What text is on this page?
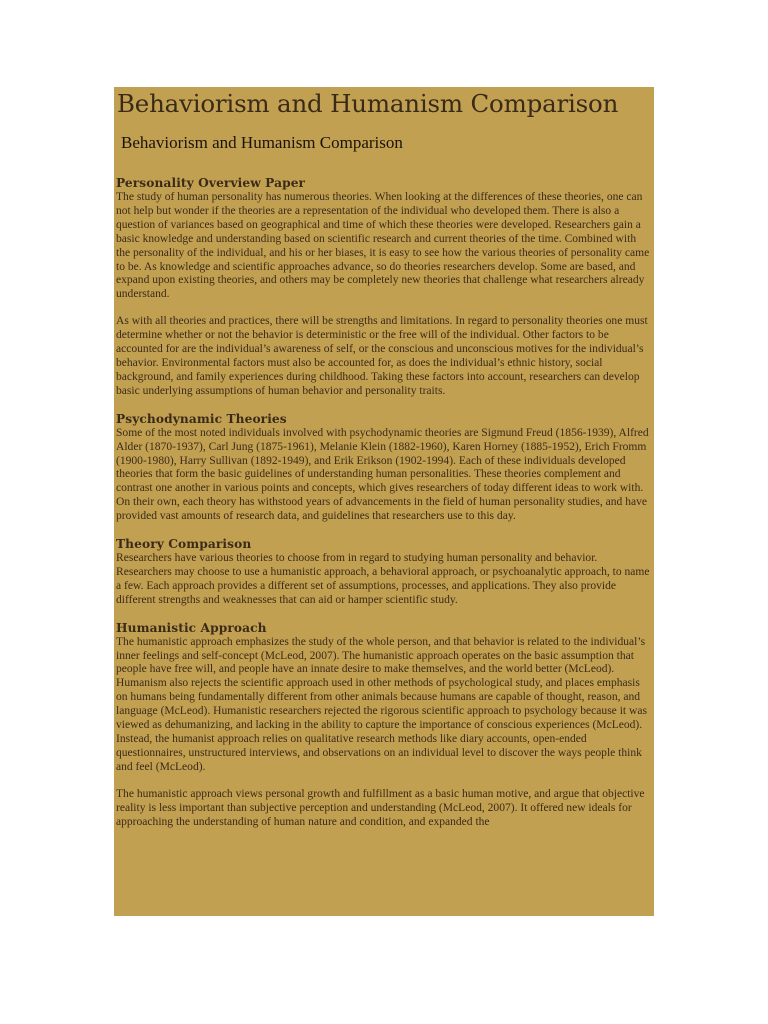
Behaviorism and Humanism Comparison
Behaviorism and Humanism Comparison
Personality Overview Paper

The study of human personality has numerous theories. When looking at the differences of these theories, one can not help but wonder if the theories are a representation of the individual who developed them. There is also a question of variances based on geographical and time of which these theories were developed. Researchers gain a basic knowledge and understanding based on scientific research and current theories of the time. Combined with the personality of the individual, and his or her biases, it is easy to see how the various theories of personality came to be. As knowledge and scientific approaches advance, so do theories researchers develop. Some are based, and expand upon existing theories, and others may be completely new theories that challenge what researchers already understand.

As with all theories and practices, there will be strengths and limitations. In regard to personality theories one must determine whether or not the behavior is deterministic or the free will of the individual. Other factors to be accounted for are the individual’s awareness of self, or the conscious and unconscious motives for the individual’s behavior. Environmental factors must also be accounted for, as does the individual’s ethnic history, social background, and family experiences during childhood. Taking these factors into account, researchers can develop basic underlying assumptions of human behavior and personality traits.

Psychodynamic Theories

Some of the most noted individuals involved with psychodynamic theories are Sigmund Freud (1856-1939), Alfred Alder (1870-1937), Carl Jung (1875-1961), Melanie Klein (1882-1960), Karen Horney (1885-1952), Erich Fromm (1900-1980), Harry Sullivan (1892-1949), and Erik Erikson (1902-1994). Each of these individuals developed theories that form the basic guidelines of understanding human personalities. These theories complement and contrast one another in various points and concepts, which gives researchers of today different ideas to work with. On their own, each theory has withstood years of advancements in the field of human personality studies, and have provided vast amounts of research data, and guidelines that researchers use to this day.

Theory Comparison

Researchers have various theories to choose from in regard to studying human personality and behavior. Researchers may choose to use a humanistic approach, a behavioral approach, or psychoanalytic approach, to name a few. Each approach provides a different set of assumptions, processes, and applications. They also provide different strengths and weaknesses that can aid or hamper scientific study.

Humanistic Approach

The humanistic approach emphasizes the study of the whole person, and that behavior is related to the individual’s inner feelings and self-concept (McLeod, 2007). The humanistic approach operates on the basic assumption that people have free will, and people have an innate desire to make themselves, and the world better (McLeod). Humanism also rejects the scientific approach used in other methods of psychological study, and places emphasis on humans being fundamentally different from other animals because humans are capable of thought, reason, and language (McLeod). Humanistic researchers rejected the rigorous scientific approach to psychology because it was viewed as dehumanizing, and lacking in the ability to capture the importance of conscious experiences (McLeod). Instead, the humanist approach relies on qualitative research methods like diary accounts, open-ended questionnaires, unstructured interviews, and observations on an individual level to discover the ways people think and feel (McLeod).

The humanistic approach views personal growth and fulfillment as a basic human motive, and argue that objective reality is less important than subjective perception and understanding (McLeod, 2007). It offered new ideals for approaching the understanding of human nature and condition, and expanded the
